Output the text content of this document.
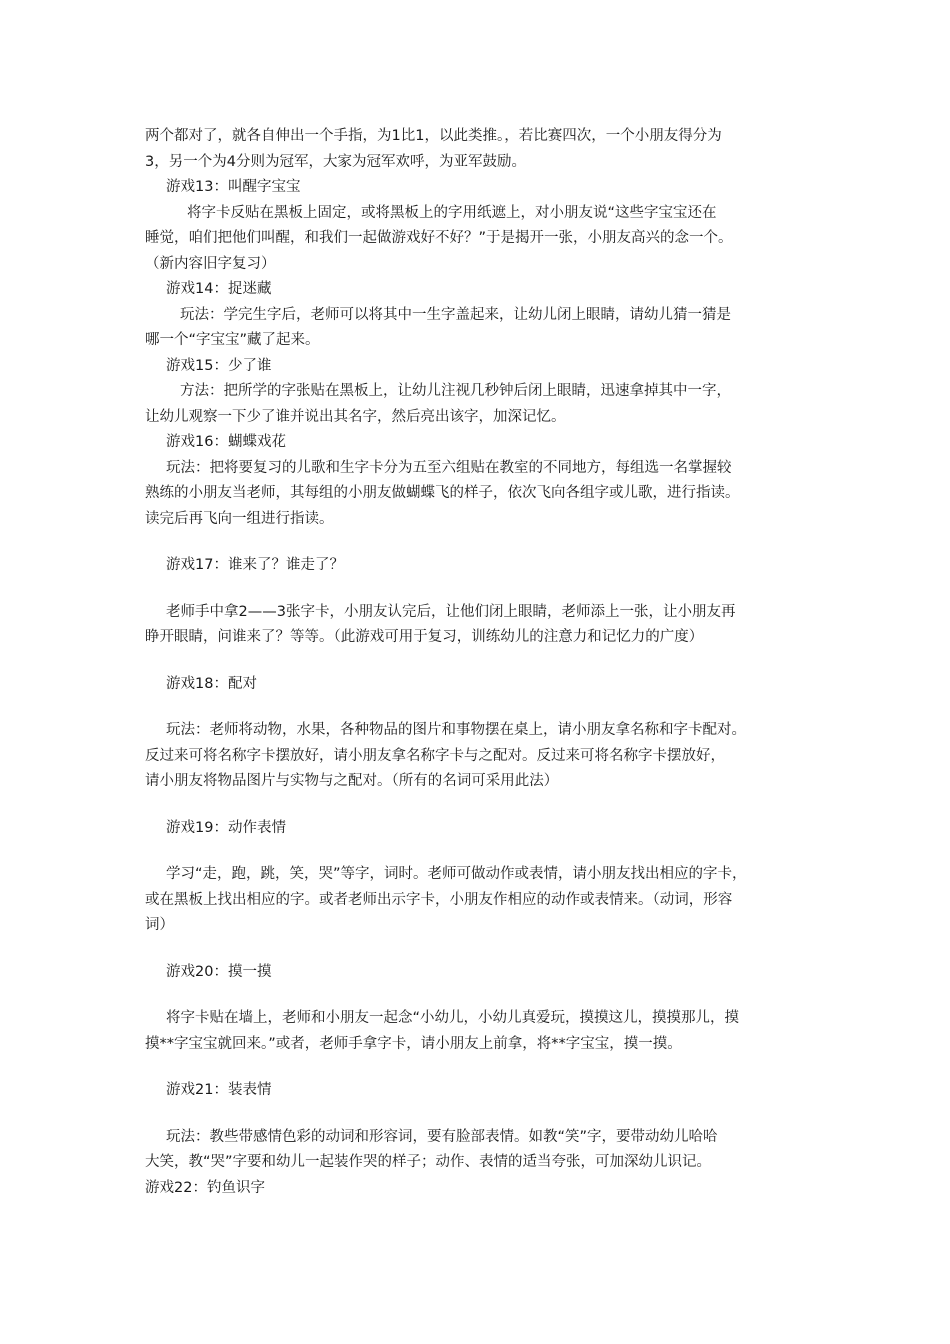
两个都对了，就各自伸出一个手指，为1比1，以此类推。，若比赛四次，一个小朋友得分为
3，另一个为4分则为冠军，大家为冠军欢呼，为亚军鼓励。
游戏13：叫醒字宝宝
将字卡反贴在黑板上固定，或将黑板上的字用纸遮上，对小朋友说“这些字宝宝还在
睡觉，咱们把他们叫醒，和我们一起做游戏好不好？”于是揭开一张，小朋友高兴的念一个。
（新内容旧字复习）
游戏14：捉迷藏
玩法：学完生字后，老师可以将其中一生字盖起来，让幼儿闭上眼睛，请幼儿猜一猜是
哪一个“字宝宝”藏了起来。
游戏15：少了谁
方法：把所学的字张贴在黑板上，让幼儿注视几秒钟后闭上眼睛，迅速拿掉其中一字，
让幼儿观察一下少了谁并说出其名字，然后亮出该字，加深记忆。
游戏16：蝴蝶戏花
玩法：把将要复习的儿歌和生字卡分为五至六组贴在教室的不同地方，每组选一名掌握较
熟练的小朋友当老师，其每组的小朋友做蝴蝶飞的样子，依次飞向各组字或儿歌，进行指读。
读完后再飞向一组进行指读。
游戏17：谁来了？谁走了？
老师手中拿2——3张字卡，小朋友认完后，让他们闭上眼睛，老师添上一张，让小朋友再
睁开眼睛，问谁来了？等等。（此游戏可用于复习，训练幼儿的注意力和记忆力的广度）
游戏18：配对
玩法：老师将动物，水果，各种物品的图片和事物摆在桌上，请小朋友拿名称和字卡配对。
反过来可将名称字卡摆放好，请小朋友拿名称字卡与之配对。反过来可将名称字卡摆放好，
请小朋友将物品图片与实物与之配对。（所有的名词可采用此法）
游戏19：动作表情
学习“走，跑，跳，笑，哭”等字，词时。老师可做动作或表情，请小朋友找出相应的字卡，
或在黑板上找出相应的字。或者老师出示字卡，小朋友作相应的动作或表情来。（动词，形容
词）
游戏20：摸一摸
将字卡贴在墙上，老师和小朋友一起念“小幼儿，小幼儿真爱玩，摸摸这儿，摸摸那儿，摸
摸**字宝宝就回来。”或者，老师手拿字卡，请小朋友上前拿，将**字宝宝，摸一摸。
游戏21：装表情
玩法：教些带感情色彩的动词和形容词，要有脸部表情。如教“笑”字，要带动幼儿哈哈
大笑，教“哭”字要和幼儿一起装作哭的样子；动作、表情的适当夸张，可加深幼儿识记。
游戏22：钓鱼识字
